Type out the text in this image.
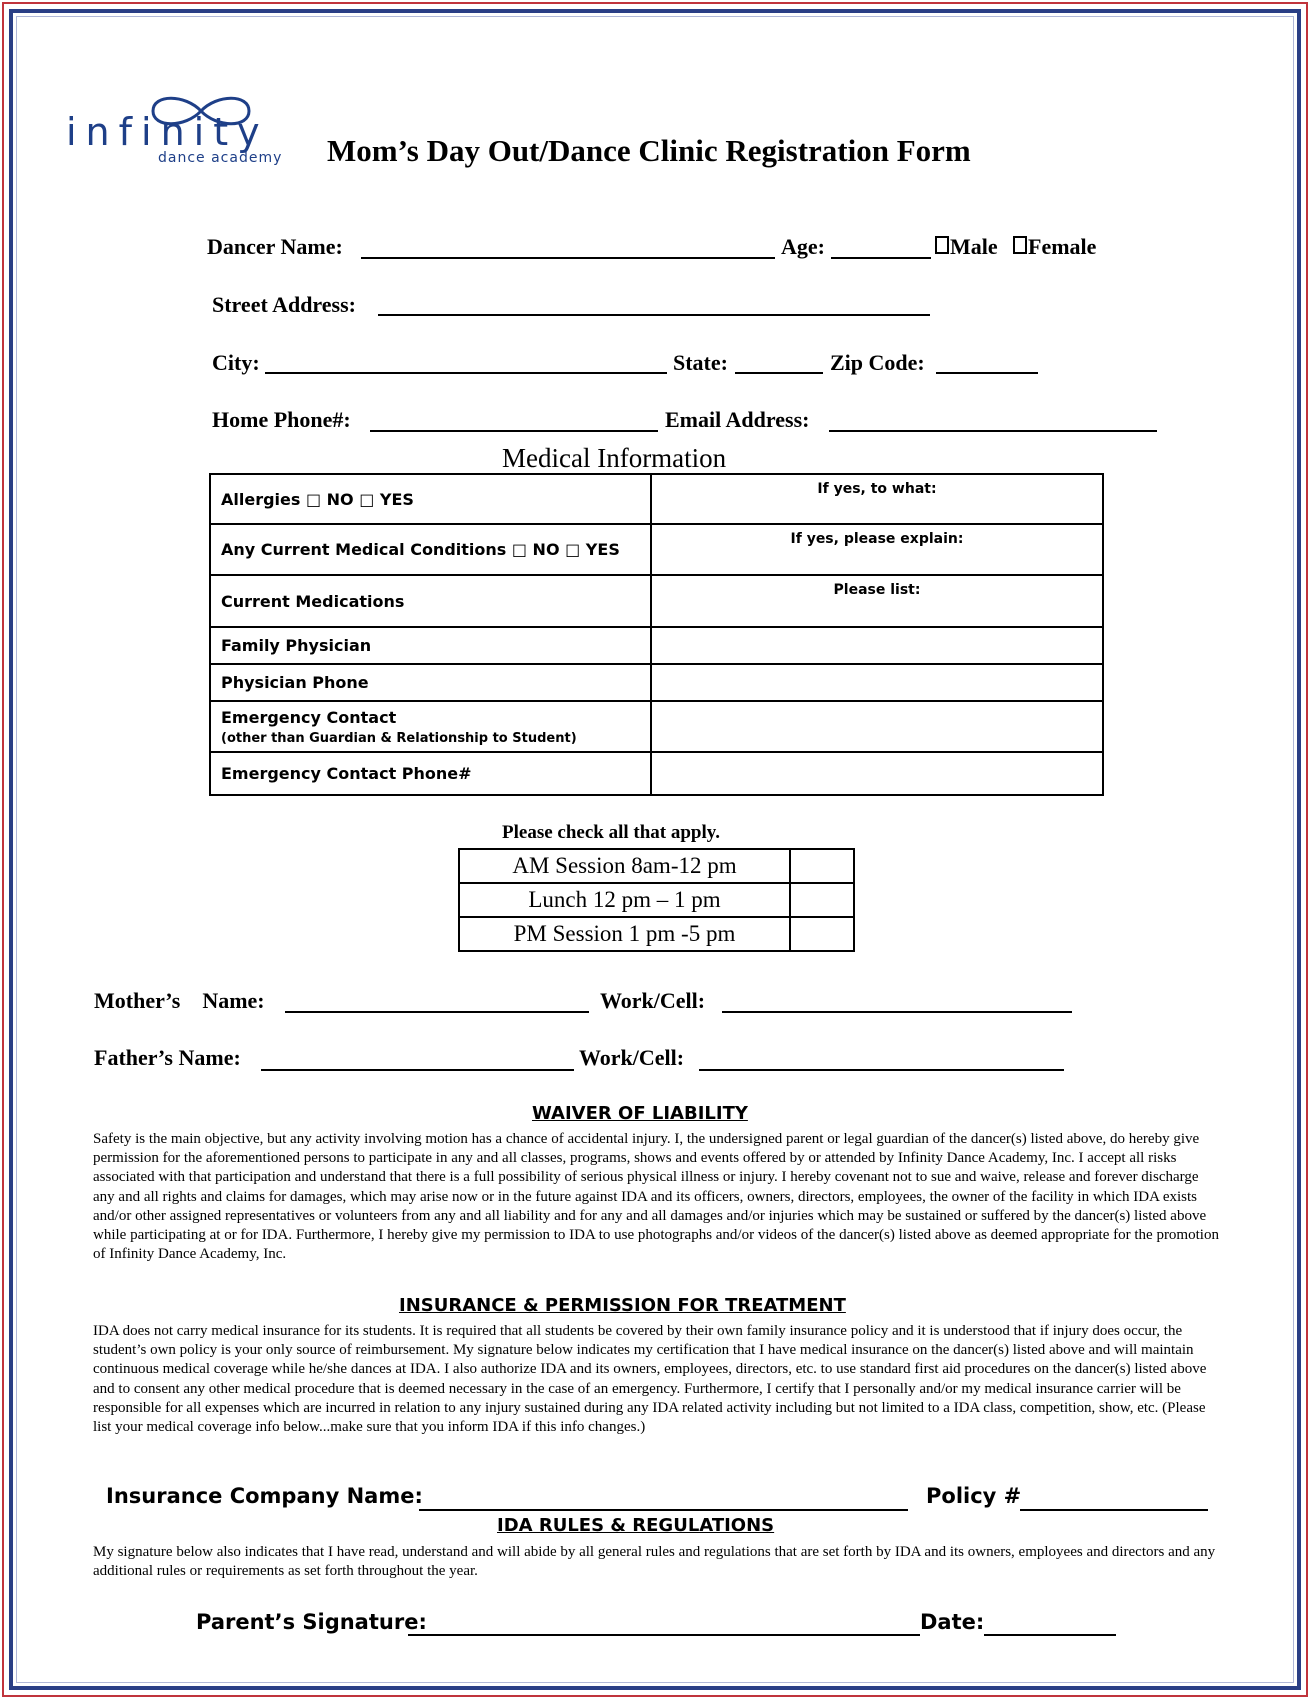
infinity
dance academy Mom’s Day Out/Dance Clinic Registration Form
Dancer Name:	Age:	Male Female
Street Address:
City:	State:	Zip Code:
Home Phone#:	Email Address:
Medical Information
Allergies □ NO □ YES	If yes, to what:
Any Current Medical Conditions □ NO □ YES	If yes, please explain:
Current Medications	Please list:
Family Physician	
Physician Phone	
Emergency Contact
(other than Guardian & Relationship to Student)	

Emergency Contact Phone#	
Please check all that apply.
AM Session 8am-12 pm	
Lunch 12 pm – 1 pm	
PM Session 1 pm -5 pm	
Mother’s    Name:	Work/Cell:
Father’s Name:	Work/Cell:
WAIVER OF LIABILITY
Safety is the main objective, but any activity involving motion has a chance of accidental injury. I, the undersigned parent or legal guardian of the dancer(s) listed above, do hereby give permission for the aforementioned persons to participate in any and all classes, programs, shows and events offered by or attended by Infinity Dance Academy, Inc. I accept all risks associated with that participation and understand that there is a full possibility of serious physical illness or injury. I hereby covenant not to sue and waive, release and forever discharge any and all rights and claims for damages, which may arise now or in the future against IDA and its officers, owners, directors, employees, the owner of the facility in which IDA exists and/or other assigned representatives or volunteers from any and all liability and for any and all damages and/or injuries which may be sustained or suffered by the dancer(s) listed above while participating at or for IDA. Furthermore, I hereby give my permission to IDA to use photographs and/or videos of the dancer(s) listed above as deemed appropriate for the promotion of Infinity Dance Academy, Inc.
INSURANCE & PERMISSION FOR TREATMENT
IDA does not carry medical insurance for its students. It is required that all students be covered by their own family insurance policy and it is understood that if injury does occur, the student’s own policy is your only source of reimbursement. My signature below indicates my certification that I have medical insurance on the dancer(s) listed above and will maintain continuous medical coverage while he/she dances at IDA. I also authorize IDA and its owners, employees, directors, etc. to use standard first aid procedures on the dancer(s) listed above and to consent any other medical procedure that is deemed necessary in the case of an emergency. Furthermore, I certify that I personally and/or my medical insurance carrier will be responsible for all expenses which are incurred in relation to any injury sustained during any IDA related activity including but not limited to a IDA class, competition, show, etc. (Please list your medical coverage info below...make sure that you inform IDA if this info changes.)
Insurance Company Name:	Policy #
IDA RULES & REGULATIONS
My signature below also indicates that I have read, understand and will abide by all general rules and regulations that are set forth by IDA and its owners, employees and directors and any additional rules or requirements as set forth throughout the year.
Parent’s Signature:	Date:
